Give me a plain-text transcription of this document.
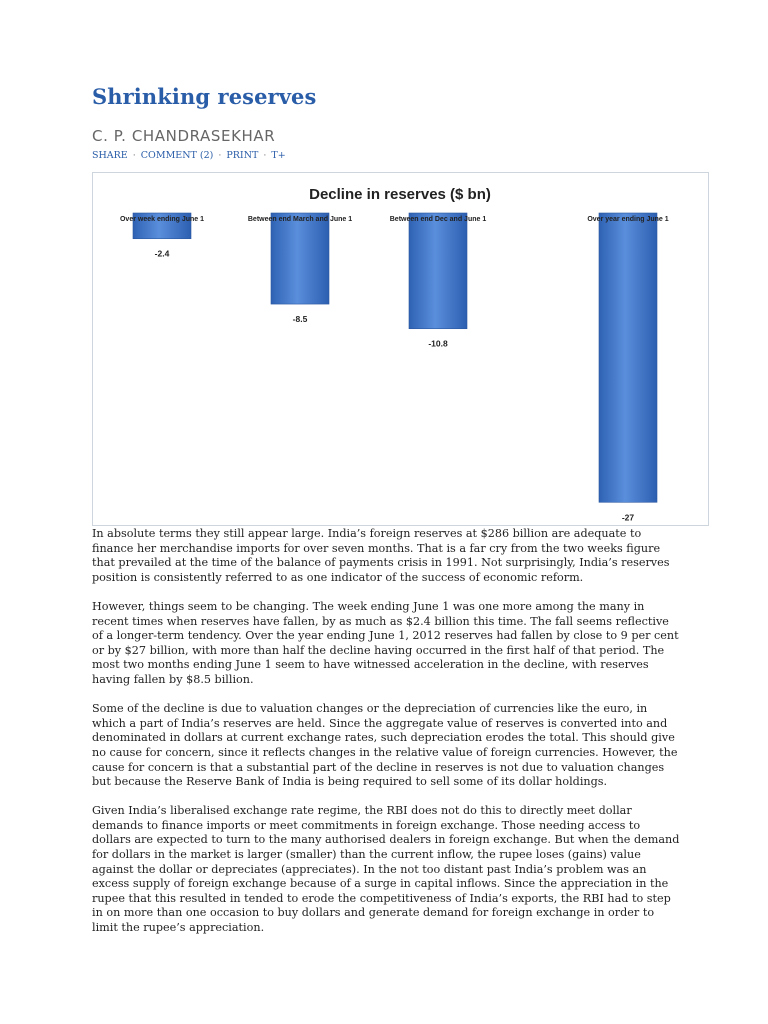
Shrinking reserves
C. P. CHANDRASEKHAR
SHARE · COMMENT (2) · PRINT · T+
Decline in reserves ($ bn)
Over week ending June 1
-2.4
Between end March and June 1
-8.5
Between end Dec and June 1
-10.8
Over year ending June 1
-27

In absolute terms they still appear large. India’s foreign reserves at $286 billion are adequate to finance her merchandise imports for over seven months. That is a far cry from the two weeks figure that prevailed at the time of the balance of payments crisis in 1991. Not surprisingly, India’s reserves position is consistently referred to as one indicator of the success of economic reform.

However, things seem to be changing. The week ending June 1 was one more among the many in recent times when reserves have fallen, by as much as $2.4 billion this time. The fall seems reflective of a longer-term tendency. Over the year ending June 1, 2012 reserves had fallen by close to 9 per cent or by $27 billion, with more than half the decline having occurred in the first half of that period. The most two months ending June 1 seem to have witnessed acceleration in the decline, with reserves having fallen by $8.5 billion.

Some of the decline is due to valuation changes or the depreciation of currencies like the euro, in which a part of India’s reserves are held. Since the aggregate value of reserves is converted into and denominated in dollars at current exchange rates, such depreciation erodes the total. This should give no cause for concern, since it reflects changes in the relative value of foreign currencies. However, the cause for concern is that a substantial part of the decline in reserves is not due to valuation changes but because the Reserve Bank of India is being required to sell some of its dollar holdings.

Given India’s liberalised exchange rate regime, the RBI does not do this to directly meet dollar demands to finance imports or meet commitments in foreign exchange. Those needing access to dollars are expected to turn to the many authorised dealers in foreign exchange. But when the demand for dollars in the market is larger (smaller) than the current inflow, the rupee loses (gains) value against the dollar or depreciates (appreciates). In the not too distant past India’s problem was an excess supply of foreign exchange because of a surge in capital inflows. Since the appreciation in the rupee that this resulted in tended to erode the competitiveness of India’s exports, the RBI had to step in on more than one occasion to buy dollars and generate demand for foreign exchange in order to limit the rupee’s appreciation.
